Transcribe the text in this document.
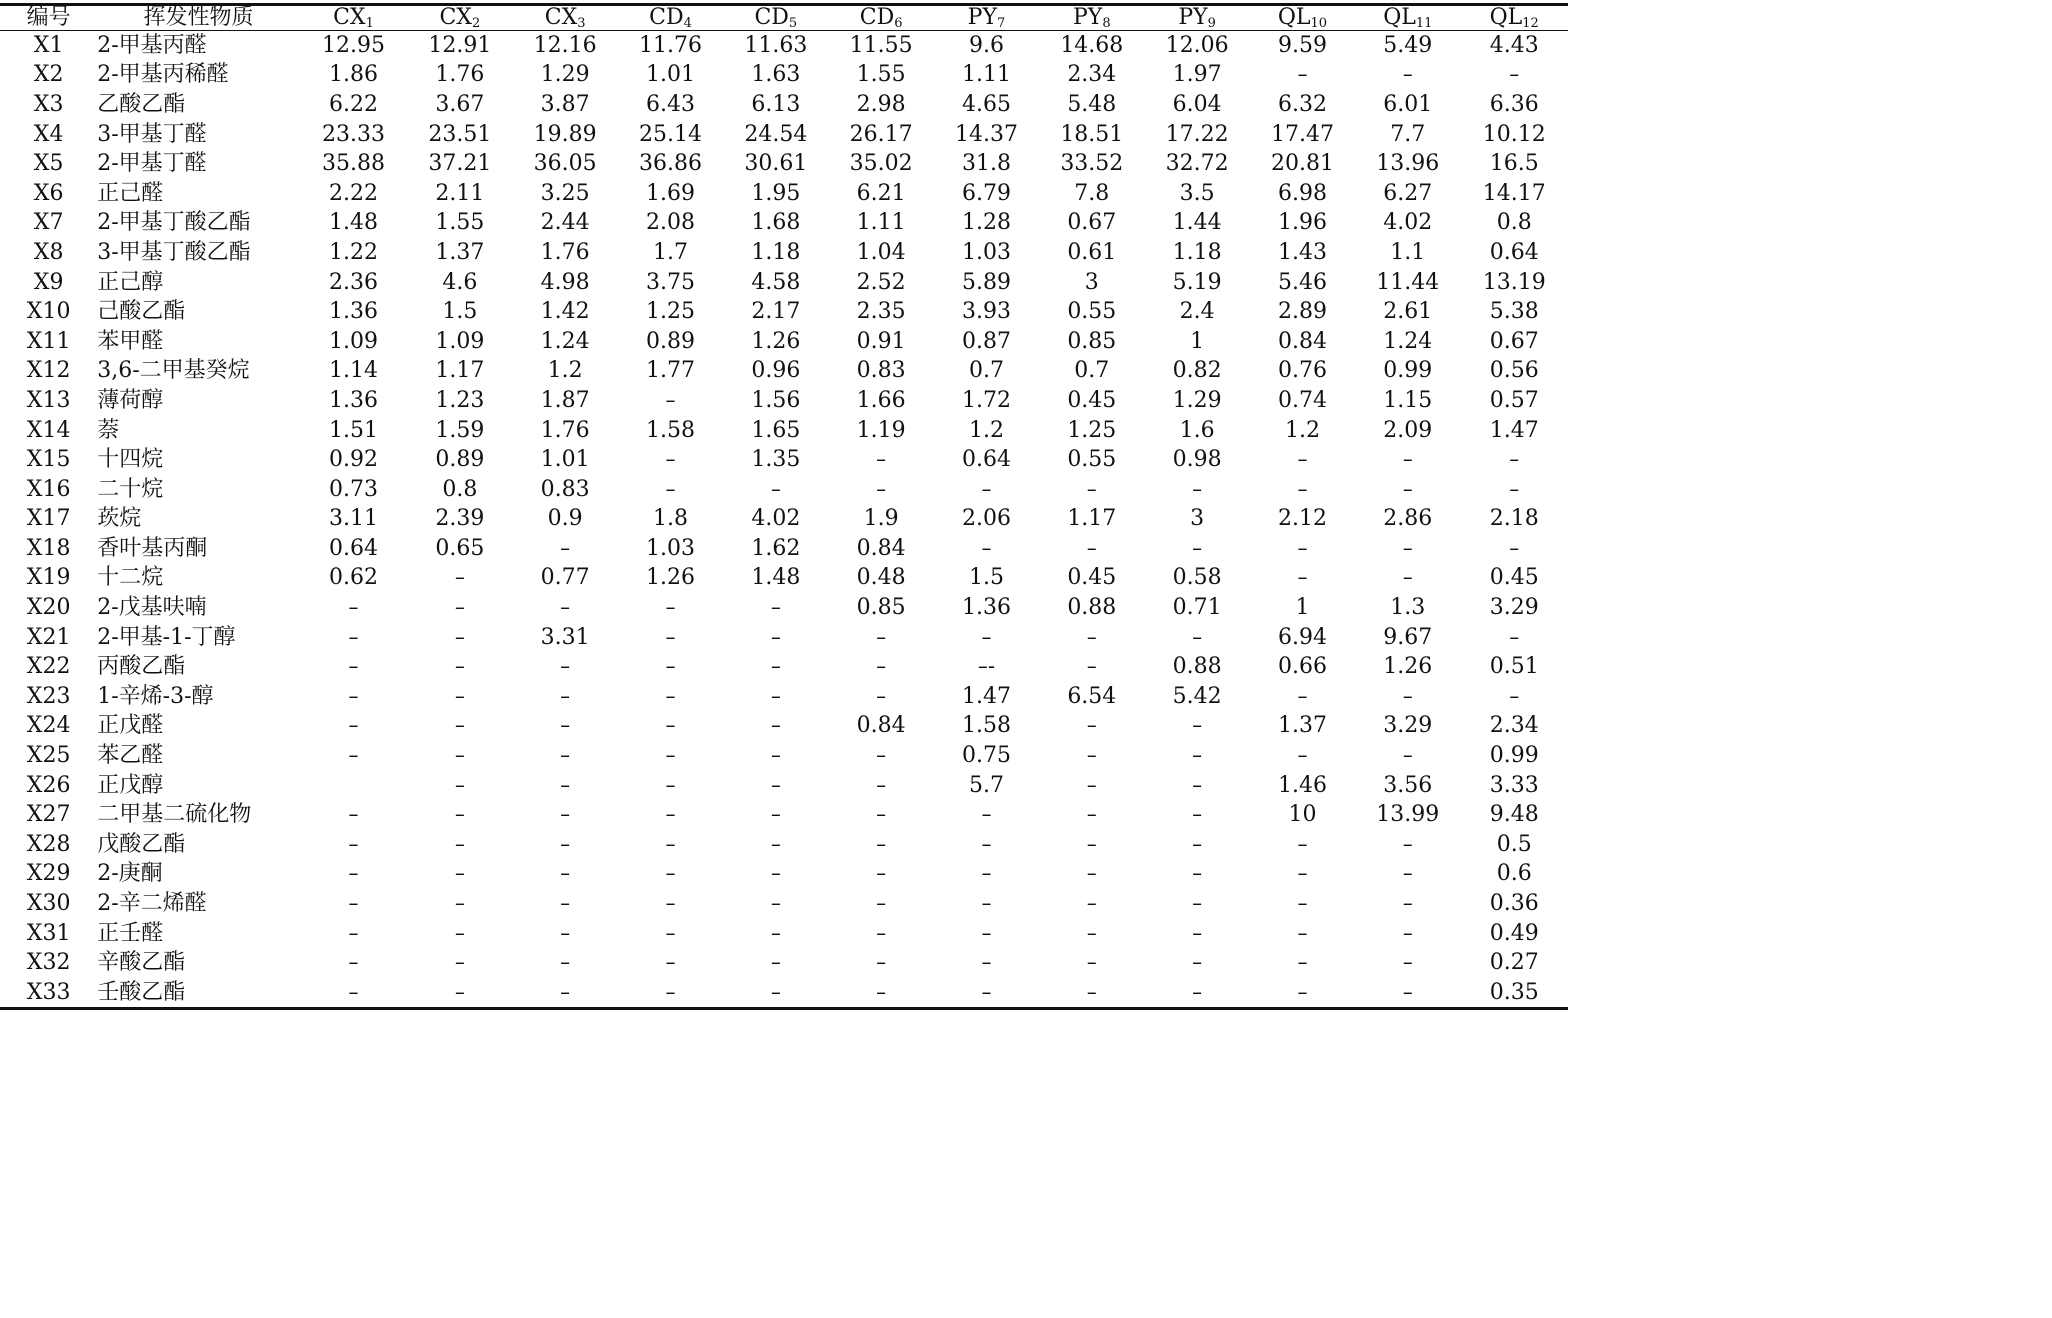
编号	挥发性物质	$CX_1$	$CX_2$	$CX_3$	$CD_4$	$CD_5$	$CD_6$	$PY_7$	$PY_8$	$PY_9$	$QL_{10}$	$QL_{11}$	$QL_{12}$
X1	2-甲基丙醛	12.95	12.91	12.16	11.76	11.63	11.55	9.6	14.68	12.06	9.59	5.49	4.43
X2	2-甲基丙稀醛	1.86	1.76	1.29	1.01	1.63	1.55	1.11	2.34	1.97	–	–	–
X3	乙酸乙酯	6.22	3.67	3.87	6.43	6.13	2.98	4.65	5.48	6.04	6.32	6.01	6.36
X4	3-甲基丁醛	23.33	23.51	19.89	25.14	24.54	26.17	14.37	18.51	17.22	17.47	7.7	10.12
X5	2-甲基丁醛	35.88	37.21	36.05	36.86	30.61	35.02	31.8	33.52	32.72	20.81	13.96	16.5
X6	正己醛	2.22	2.11	3.25	1.69	1.95	6.21	6.79	7.8	3.5	6.98	6.27	14.17
X7	2-甲基丁酸乙酯	1.48	1.55	2.44	2.08	1.68	1.11	1.28	0.67	1.44	1.96	4.02	0.8
X8	3-甲基丁酸乙酯	1.22	1.37	1.76	1.7	1.18	1.04	1.03	0.61	1.18	1.43	1.1	0.64
X9	正己醇	2.36	4.6	4.98	3.75	4.58	2.52	5.89	3	5.19	5.46	11.44	13.19
X10	己酸乙酯	1.36	1.5	1.42	1.25	2.17	2.35	3.93	0.55	2.4	2.89	2.61	5.38
X11	苯甲醛	1.09	1.09	1.24	0.89	1.26	0.91	0.87	0.85	1	0.84	1.24	0.67
X12	3,6-二甲基癸烷	1.14	1.17	1.2	1.77	0.96	0.83	0.7	0.7	0.82	0.76	0.99	0.56
X13	薄荷醇	1.36	1.23	1.87	–	1.56	1.66	1.72	0.45	1.29	0.74	1.15	0.57
X14	萘	1.51	1.59	1.76	1.58	1.65	1.19	1.2	1.25	1.6	1.2	2.09	1.47
X15	十四烷	0.92	0.89	1.01	–	1.35	–	0.64	0.55	0.98	–	–	–
X16	二十烷	0.73	0.8	0.83	–	–	–	–	–	–	–	–	–
X17	莰烷	3.11	2.39	0.9	1.8	4.02	1.9	2.06	1.17	3	2.12	2.86	2.18
X18	香叶基丙酮	0.64	0.65	–	1.03	1.62	0.84	–	–	–	–	–	–
X19	十二烷	0.62	–	0.77	1.26	1.48	0.48	1.5	0.45	0.58	–	–	0.45
X20	2-戊基呋喃	–	–	–	–	–	0.85	1.36	0.88	0.71	1	1.3	3.29
X21	2-甲基-1-丁醇	–	–	3.31	–	–	–	–	–	–	6.94	9.67	–
X22	丙酸乙酯	–	–	–	–	–	–	–-	–	0.88	0.66	1.26	0.51
X23	1-辛烯-3-醇	–	–	–	–	–	–	1.47	6.54	5.42	–	–	–
X24	正戊醛	–	–	–	–	–	0.84	1.58	–	–	1.37	3.29	2.34
X25	苯乙醛	–	–	–	–	–	–	0.75	–	–	–	–	0.99
X26	正戊醇		–	–	–	–	–	5.7	–	–	1.46	3.56	3.33
X27	二甲基二硫化物	–	–	–	–	–	–	–	–	–	10	13.99	9.48
X28	戊酸乙酯	–	–	–	–	–	–	–	–	–	–	–	0.5
X29	2-庚酮	–	–	–	–	–	–	–	–	–	–	–	0.6
X30	2-辛二烯醛	–	–	–	–	–	–	–	–	–	–	–	0.36
X31	正壬醛	–	–	–	–	–	–	–	–	–	–	–	0.49
X32	辛酸乙酯	–	–	–	–	–	–	–	–	–	–	–	0.27
X33	壬酸乙酯	–	–	–	–	–	–	–	–	–	–	–	0.35
